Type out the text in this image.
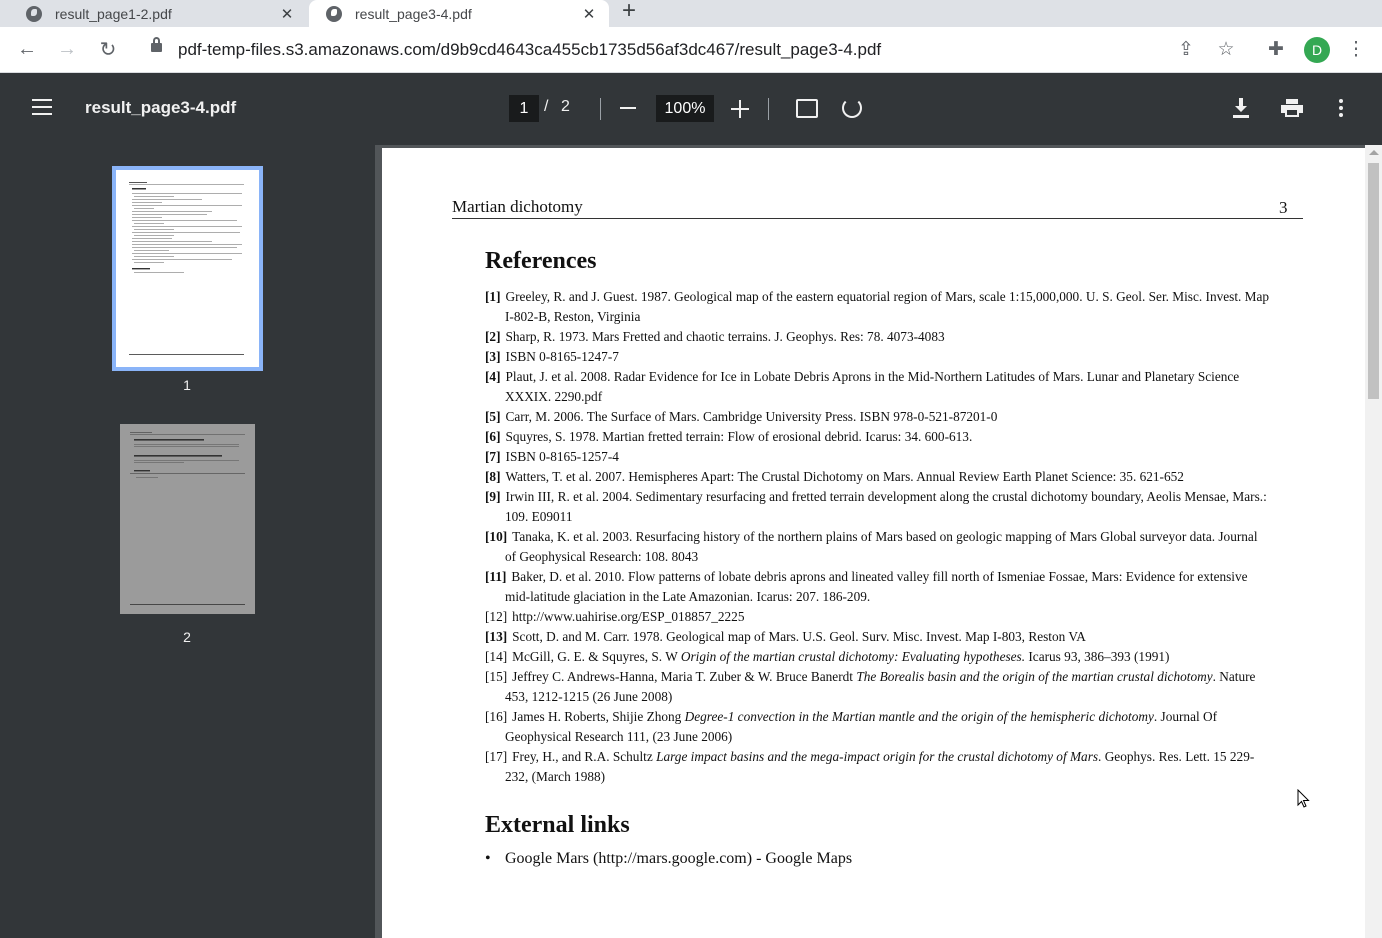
result_page1-2.pdf	✕	result_page3-4.pdf	✕ +
← → ↻	pdf-temp-files.s3.amazonaws.com/d9b9cd4643ca455cb1735d56af3dc467/result_page3-4.pdf	⇪ ☆ ✚	⋮
D
result_page3-4.pdf	1 / 2	100%
1
2
Martian dichotomy	3
References
[1] Greeley, R. and J. Guest. 1987. Geological map of the eastern equatorial region of Mars, scale 1:15,000,000. U. S. Geol. Ser. Misc. Invest. Map I-802-B, Reston, Virginia
[2] Sharp, R. 1973. Mars Fretted and chaotic terrains. J. Geophys. Res: 78. 4073-4083
[3] ISBN 0-8165-1247-7
[4] Plaut, J. et al. 2008. Radar Evidence for Ice in Lobate Debris Aprons in the Mid-Northern Latitudes of Mars. Lunar and Planetary Science XXXIX. 2290.pdf
[5] Carr, M. 2006. The Surface of Mars. Cambridge University Press. ISBN 978-0-521-87201-0
[6] Squyres, S. 1978. Martian fretted terrain: Flow of erosional debrid. Icarus: 34. 600-613.
[7] ISBN 0-8165-1257-4
[8] Watters, T. et al. 2007. Hemispheres Apart: The Crustal Dichotomy on Mars. Annual Review Earth Planet Science: 35. 621-652
[9] Irwin III, R. et al. 2004. Sedimentary resurfacing and fretted terrain development along the crustal dichotomy boundary, Aeolis Mensae, Mars.: 109. E09011
[10] Tanaka, K. et al. 2003. Resurfacing history of the northern plains of Mars based on geologic mapping of Mars Global surveyor data. Journal of Geophysical Research: 108. 8043
[11] Baker, D. et al. 2010. Flow patterns of lobate debris aprons and lineated valley fill north of Ismeniae Fossae, Mars: Evidence for extensive mid-latitude glaciation in the Late Amazonian. Icarus: 207. 186-209.
[12] http://www.uahirise.org/ESP_018857_2225
[13] Scott, D. and M. Carr. 1978. Geological map of Mars. U.S. Geol. Surv. Misc. Invest. Map I-803, Reston VA
[14] McGill, G. E. & Squyres, S. W Origin of the martian crustal dichotomy: Evaluating hypotheses. Icarus 93, 386–393 (1991)
[15] Jeffrey C. Andrews-Hanna, Maria T. Zuber & W. Bruce Banerdt The Borealis basin and the origin of the martian crustal dichotomy. Nature 453, 1212-1215 (26 June 2008)
[16] James H. Roberts, Shijie Zhong Degree-1 convection in the Martian mantle and the origin of the hemispheric dichotomy. Journal Of Geophysical Research 111, (23 June 2006)
[17] Frey, H., and R.A. Schultz Large impact basins and the mega-impact origin for the crustal dichotomy of Mars. Geophys. Res. Lett. 15 229-232, (March 1988)
External links
• Google Mars (http://mars.google.com) - Google Maps
